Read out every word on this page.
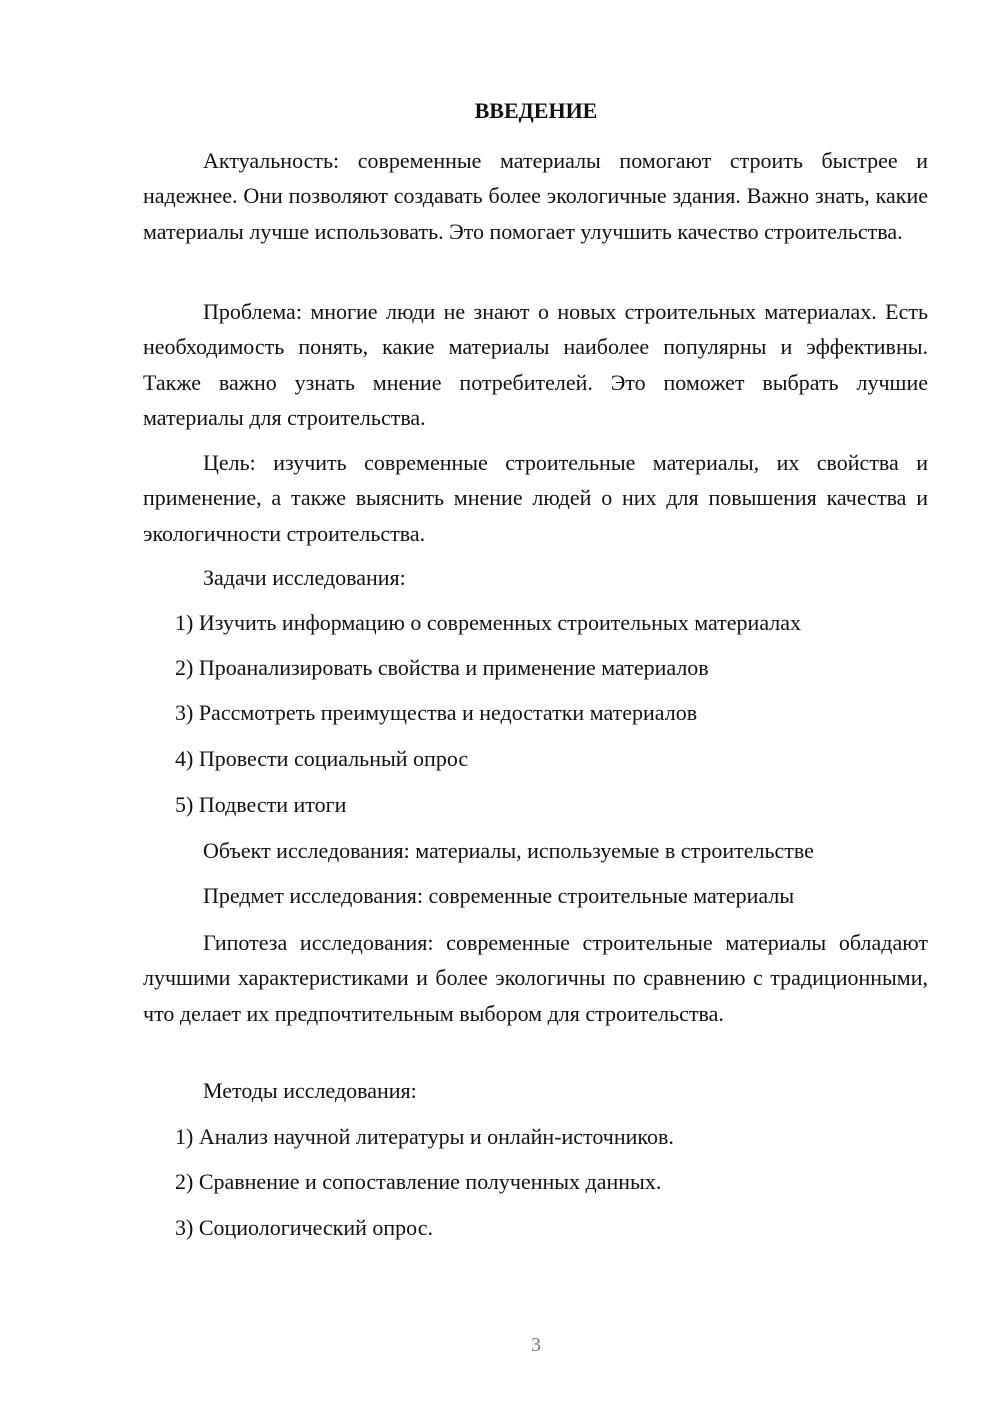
ВВЕДЕНИЕ

Актуальность: современные материалы помогают строить быстрее и надежнее. Они позволяют создавать более экологичные здания. Важно знать, какие материалы лучше использовать. Это помогает улучшить качество строительства.

Проблема: многие люди не знают о новых строительных материалах. Есть необходимость понять, какие материалы наиболее популярны и эффективны. Также важно узнать мнение потребителей. Это поможет выбрать лучшие материалы для строительства.

Цель: изучить современные строительные материалы, их свойства и применение, а также выяснить мнение людей о них для повышения качества и экологичности строительства.

Задачи исследования:

1) Изучить информацию о современных строительных материалах

2) Проанализировать свойства и применение материалов

3) Рассмотреть преимущества и недостатки материалов

4) Провести социальный опрос

5) Подвести итоги

Объект исследования: материалы, используемые в строительстве

Предмет исследования: современные строительные материалы

Гипотеза исследования: современные строительные материалы обладают лучшими характеристиками и более экологичны по сравнению с традиционными, что делает их предпочтительным выбором для строительства.

Методы исследования:

1) Анализ научной литературы и онлайн-источников.

2) Сравнение и сопоставление полученных данных.

3) Социологический опрос.

3
